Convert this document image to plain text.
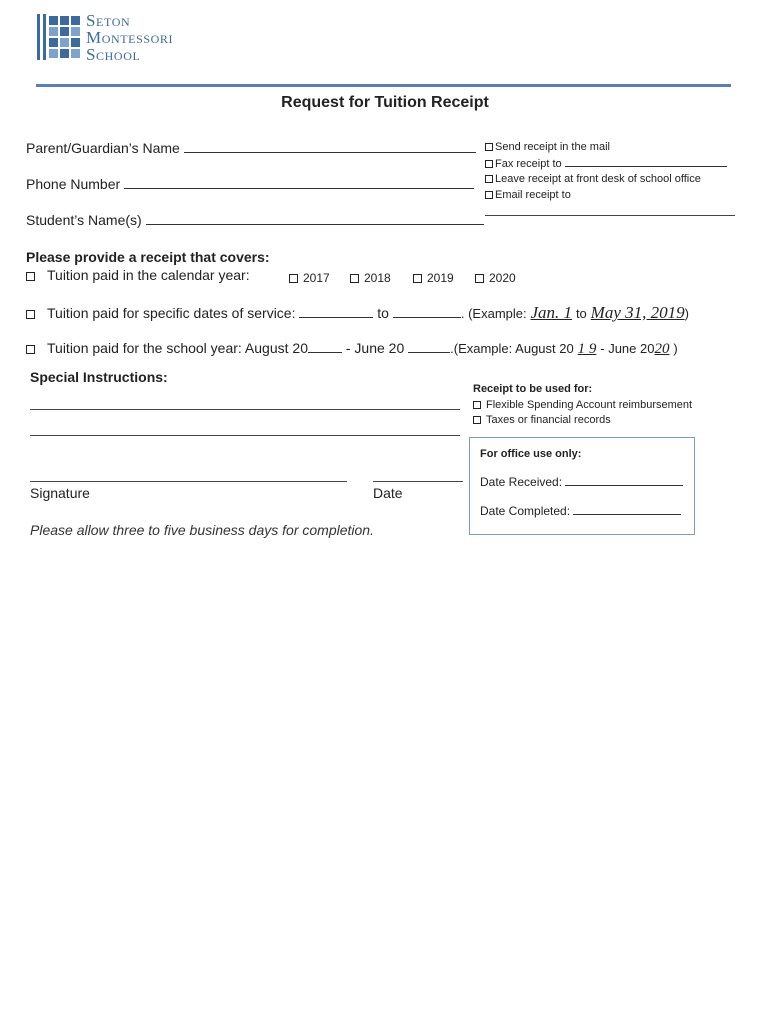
Seton
Montessori
School
Request for Tuition Receipt
Parent/Guardian’s Name
Phone Number
Student’s Name(s)
Send receipt in the mail
Fax receipt to
Leave receipt at front desk of school office
Email receipt to
Please provide a receipt that covers:
Tuition paid in the calendar year:	2017	2018	2019	2020
Tuition paid for specific dates of service:	to	. (Example: Jan. 1 to May 31, 2019)
Tuition paid for the school year: August 20	- June 20	.(Example: August 20 1 9 - June 2020 )
Special Instructions:
Receipt to be used for:
Flexible Spending Account reimbursement
Taxes or financial records
Signature	Date
For office use only:
Date Received:
Date Completed:
Please allow three to five business days for completion.
